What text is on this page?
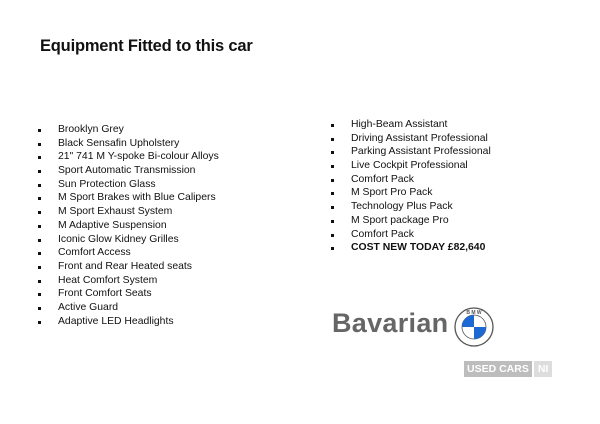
Equipment Fitted to this car
Brooklyn Grey
Black Sensafin Upholstery
21" 741 M Y-spoke Bi-colour Alloys
Sport Automatic Transmission
Sun Protection Glass
M Sport Brakes with Blue Calipers
M Sport Exhaust System
M Adaptive Suspension
Iconic Glow Kidney Grilles
Comfort Access
Front and Rear Heated seats
Heat Comfort System
Front Comfort Seats
Active Guard
Adaptive LED Headlights
High-Beam Assistant
Driving Assistant Professional
Parking Assistant Professional
Live Cockpit Professional
Comfort Pack
M Sport Pro Pack
Technology Plus Pack
M Sport package Pro
Comfort Pack
COST NEW TODAY £82,640
Bavarian	B M W
USED CARS NI
